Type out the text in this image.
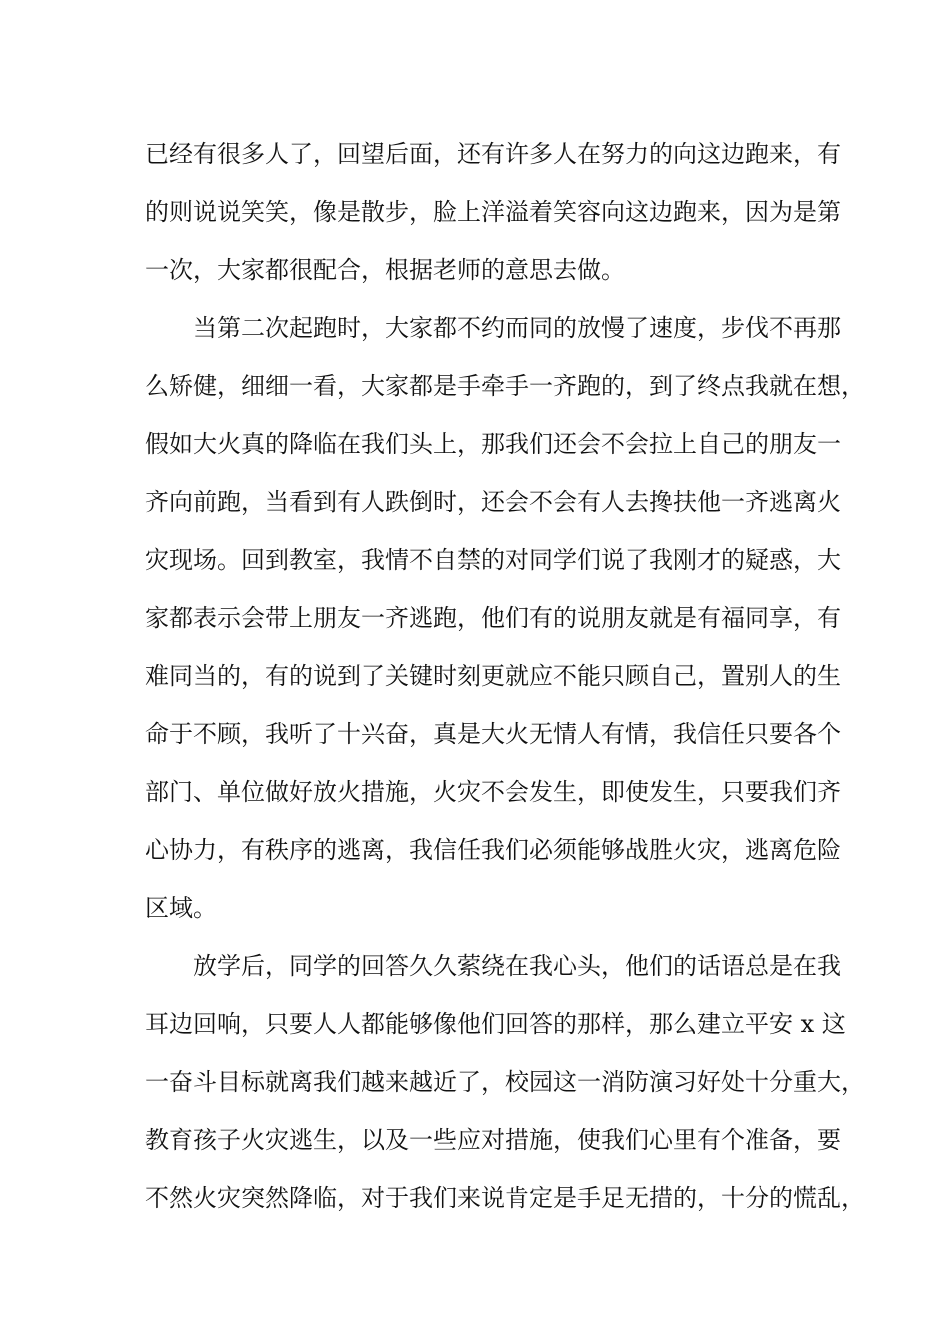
已经有很多人了，回望后面，还有许多人在努力的向这边跑来，有
的则说说笑笑，像是散步，脸上洋溢着笑容向这边跑来，因为是第
一次，大家都很配合，根据老师的意思去做。

当第二次起跑时，大家都不约而同的放慢了速度，步伐不再那
么矫健，细细一看，大家都是手牵手一齐跑的，到了终点我就在想，
假如大火真的降临在我们头上，那我们还会不会拉上自己的朋友一
齐向前跑，当看到有人跌倒时，还会不会有人去搀扶他一齐逃离火
灾现场。回到教室，我情不自禁的对同学们说了我刚才的疑惑，大
家都表示会带上朋友一齐逃跑，他们有的说朋友就是有福同享，有
难同当的，有的说到了关键时刻更就应不能只顾自己，置别人的生
命于不顾，我听了十兴奋，真是大火无情人有情，我信任只要各个
部门、单位做好放火措施，火灾不会发生，即使发生，只要我们齐
心协力，有秩序的逃离，我信任我们必须能够战胜火灾，逃离危险
区域。

放学后，同学的回答久久萦绕在我心头，他们的话语总是在我
耳边回响，只要人人都能够像他们回答的那样，那么建立平安 x 这
一奋斗目标就离我们越来越近了，校园这一消防演习好处十分重大，
教育孩子火灾逃生，以及一些应对措施，使我们心里有个准备，要
不然火灾突然降临，对于我们来说肯定是手足无措的，十分的慌乱，
